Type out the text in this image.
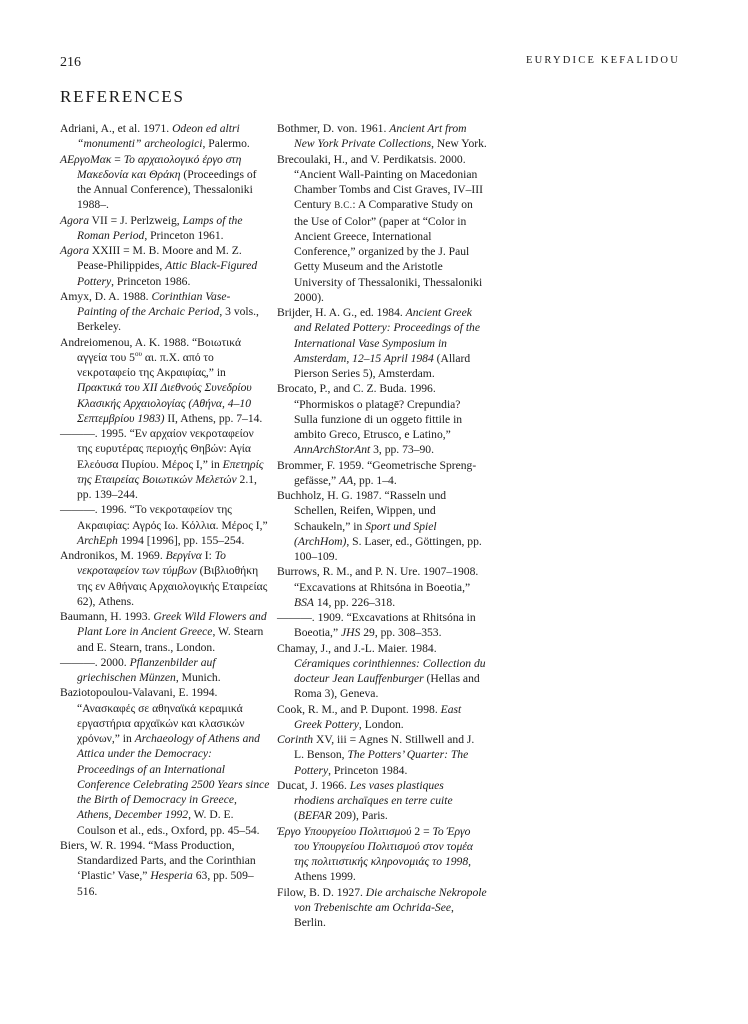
216	EURYDICE KEFALIDOU
REFERENCES

Adriani, A., et al. 1971. Odeon ed altri “monumenti” archeologici, Palermo.

ΑΕργοΜακ = Το αρχαιολογικό έργο στη Μακεδονία και Θράκη (Proceedings of the Annual Conference), Thessaloniki 1988–.

Agora VII = J. Perlzweig, Lamps of the Roman Period, Princeton 1961.

Agora XXIII = M. B. Moore and M. Z. Pease-Philippides, Attic Black-Figured Pottery, Princeton 1986.

Amyx, D. A. 1988. Corinthian Vase-Painting of the Archaic Period, 3 vols., Berkeley.

Andreiomenou, A. K. 1988. “Βοιωτικά αγγεία του $5^{o\upsilon}$ αι. π.Χ. από το νεκροταφείο της Ακραιφίας,” in Πρακτικά του XII Διεθνούς Συνεδρίου Κλασικής Αρχαιολογίας (Αθήνα, 4–10 Σεπτεμβρίου 1983) II, Athens, pp. 7–14.

———. 1995. “Εν αρχαίον νεκροταφείον της ευρυτέρας περιοχής Θηβών: Αγία Ελεόυσα Πυρίου. Μέρος I,” in Επετηρίς της Εταιρείας Βοιωτικών Μελετών 2.1, pp. 139–244.

———. 1996. “Το νεκροταφείον της Ακραιφίας: Αγρός Ιω. Κόλλια. Μέρος I,” ArchEph 1994 [1996], pp. 155–254.

Andronikos, M. 1969. Βεργίνα I: Το νεκροταφείον των τύμβων (Βιβλιοθήκη της εν Αθήναις Αρχαιολογικής Εταιρείας 62), Athens.

Baumann, H. 1993. Greek Wild Flowers and Plant Lore in Ancient Greece, W. Stearn and E. Stearn, trans., London.

———. 2000. Pflanzenbilder auf griechischen Münzen, Munich.

Baziotopoulou-Valavani, E. 1994. “Ανασκαφές σε αθηναϊκά κεραμικά εργαστήρια αρχαϊκών και κλασικών χρόνων,” in Archaeology of Athens and Attica under the Democracy: Proceedings of an International Conference Celebrating 2500 Years since the Birth of Democracy in Greece, Athens, December 1992, W. D. E. Coulson et al., eds., Oxford, pp. 45–54.

Biers, W. R. 1994. “Mass Production, Standardized Parts, and the Corinthian ‘Plastic’ Vase,” Hesperia 63, pp. 509–516.

Bothmer, D. von. 1961. Ancient Art from New York Private Collections, New York.

Brecoulaki, H., and V. Perdikatsis. 2000. “Ancient Wall-Painting on Macedonian Chamber Tombs and Cist Graves, IV–III Century B.C.: A Comparative Study on the Use of Color” (paper at “Color in Ancient Greece, International Conference,” organized by the J. Paul Getty Museum and the Aristotle University of Thessaloniki, Thessaloniki 2000).

Brijder, H. A. G., ed. 1984. Ancient Greek and Related Pottery: Proceedings of the International Vase Symposium in Amsterdam, 12–15 April 1984 (Allard Pierson Series 5), Amsterdam.

Brocato, P., and C. Z. Buda. 1996. “Phormiskos o platagē? Crepundia? Sulla funzione di un oggeto fittile in ambito Greco, Etrusco, e Latino,” AnnArchStorAnt 3, pp. 73–90.

Brommer, F. 1959. “Geometrische Sprenggefässe,” AA, pp. 1–4.

Buchholz, H. G. 1987. “Rasseln und Schellen, Reifen, Wippen, und Schaukeln,” in Sport und Spiel (ArchHom), S. Laser, ed., Göttingen, pp. 100–109.

Burrows, R. M., and P. N. Ure. 1907–1908. “Excavations at Rhitsóna in Boeotia,” BSA 14, pp. 226–318.

———. 1909. “Excavations at Rhitsóna in Boeotia,” JHS 29, pp. 308–353.

Chamay, J., and J.-L. Maier. 1984. Céramiques corinthiennes: Collection du docteur Jean Lauffenburger (Hellas and Roma 3), Geneva.

Cook, R. M., and P. Dupont. 1998. East Greek Pottery, London.

Corinth XV, iii = Agnes N. Stillwell and J. L. Benson, The Potters’ Quarter: The Pottery, Princeton 1984.

Ducat, J. 1966. Les vases plastiques rhodiens archaïques en terre cuite (BEFAR 209), Paris.

Έργο Υπουργείου Πολιτισμού 2 = Το Έργο του Υπουργείου Πολιτισμού στον τομέα της πολιτιστικής κληρονομιάς το 1998, Athens 1999.

Filow, B. D. 1927. Die archaische Nekropole von Trebenischte am Ochrida-See, Berlin.
